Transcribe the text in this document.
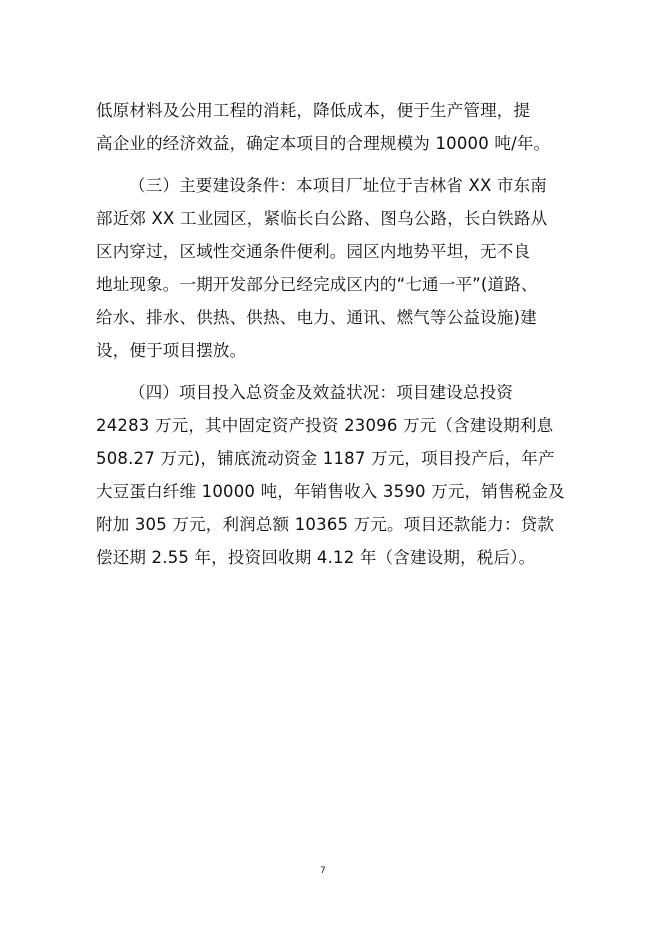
低原材料及公用工程的消耗，降低成本，便于生产管理，提
高企业的经济效益，确定本项目的合理规模为 10000 吨/年。
（三）主要建设条件：本项目厂址位于吉林省 XX 市东南
部近郊 XX 工业园区，紧临长白公路、图乌公路，长白铁路从
区内穿过，区域性交通条件便利。园区内地势平坦，无不良
地址现象。一期开发部分已经完成区内的“七通一平”(道路、
给水、排水、供热、供热、电力、通讯、燃气等公益设施)建
设，便于项目摆放。
（四）项目投入总资金及效益状况：项目建设总投资
24283 万元，其中固定资产投资 23096 万元（含建设期利息
508.27 万元)，铺底流动资金 1187 万元，项目投产后，年产
大豆蛋白纤维 10000 吨，年销售收入 3590 万元，销售税金及
附加 305 万元，利润总额 10365 万元。项目还款能力：贷款
偿还期 2.55 年，投资回收期 4.12 年（含建设期，税后）。
7
